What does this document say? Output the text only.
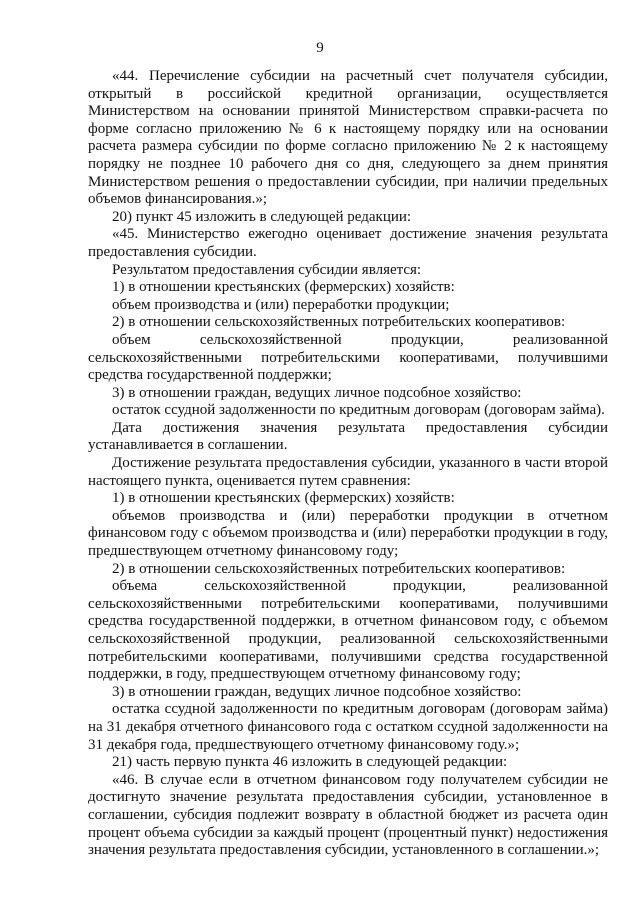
9

«44. Перечисление субсидии на расчетный счет получателя субсидии, открытый в российской кредитной организации, осуществляется Министерством на основании принятой Министерством справки-расчета по форме согласно приложению № 6 к настоящему порядку или на основании расчета размера субсидии по форме согласно приложению № 2 к настоящему порядку не позднее 10 рабочего дня со дня, следующего за днем принятия Министерством решения о предоставлении субсидии, при наличии предельных объемов финансирования.»;

20) пункт 45 изложить в следующей редакции:

«45. Министерство ежегодно оценивает достижение значения результата предоставления субсидии.

Результатом предоставления субсидии является:

1) в отношении крестьянских (фермерских) хозяйств:

объем производства и (или) переработки продукции;

2) в отношении сельскохозяйственных потребительских кооперативов:

объем сельскохозяйственной продукции, реализованной сельскохозяйственными потребительскими кооперативами, получившими средства государственной поддержки;

3) в отношении граждан, ведущих личное подсобное хозяйство:

остаток ссудной задолженности по кредитным договорам (договорам займа).

Дата достижения значения результата предоставления субсидии устанавливается в соглашении.

Достижение результата предоставления субсидии, указанного в части второй настоящего пункта, оценивается путем сравнения:

1) в отношении крестьянских (фермерских) хозяйств:

объемов производства и (или) переработки продукции в отчетном финансовом году с объемом производства и (или) переработки продукции в году, предшествующем отчетному финансовому году;

2) в отношении сельскохозяйственных потребительских кооперативов:

объема сельскохозяйственной продукции, реализованной сельскохозяйственными потребительскими кооперативами, получившими средства государственной поддержки, в отчетном финансовом году, с объемом сельскохозяйственной продукции, реализованной сельскохозяйственными потребительскими кооперативами, получившими средства государственной поддержки, в году, предшествующем отчетному финансовому году;

3) в отношении граждан, ведущих личное подсобное хозяйство:

остатка ссудной задолженности по кредитным договорам (договорам займа) на 31 декабря отчетного финансового года с остатком ссудной задолженности на 31 декабря года, предшествующего отчетному финансовому году.»;

21) часть первую пункта 46 изложить в следующей редакции:

«46. В случае если в отчетном финансовом году получателем субсидии не достигнуто значение результата предоставления субсидии, установленное в соглашении, субсидия подлежит возврату в областной бюджет из расчета один процент объема субсидии за каждый процент (процентный пункт) недостижения значения результата предоставления субсидии, установленного в соглашении.»;
